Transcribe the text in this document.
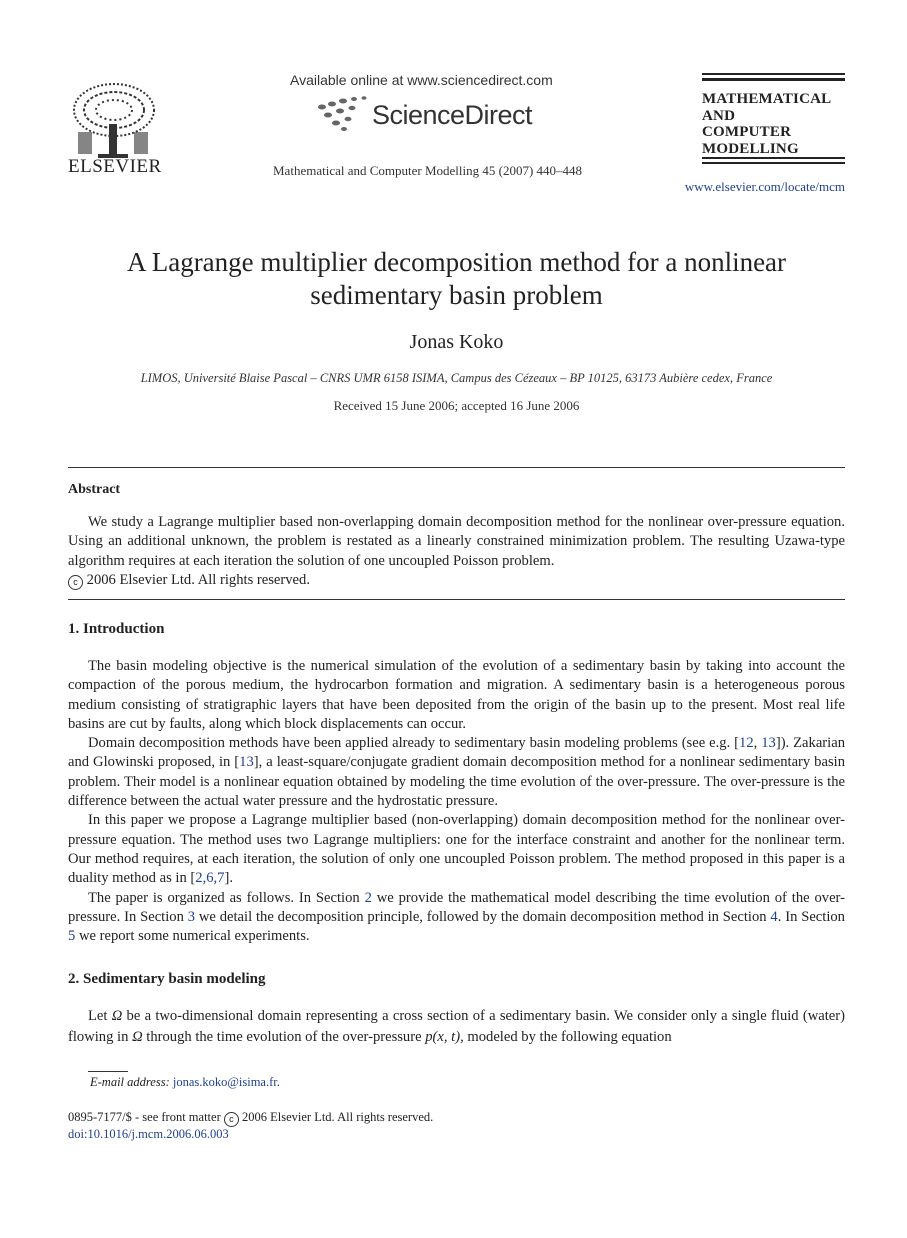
ELSEVIER
Available online at www.sciencedirect.com
ScienceDirect
Mathematical and Computer Modelling 45 (2007) 440–448
MATHEMATICAL
AND
COMPUTER
MODELLING
www.elsevier.com/locate/mcm
A Lagrange multiplier decomposition method for a nonlinear
sedimentary basin problem
Jonas Koko
LIMOS, Université Blaise Pascal – CNRS UMR 6158 ISIMA, Campus des Cézeaux – BP 10125, 63173 Aubière cedex, France
Received 15 June 2006; accepted 16 June 2006
Abstract

We study a Lagrange multiplier based non-overlapping domain decomposition method for the nonlinear over-pressure equation. Using an additional unknown, the problem is restated as a linearly constrained minimization problem. The resulting Uzawa-type algorithm requires at each iteration the solution of one uncoupled Poisson problem.

c 2006 Elsevier Ltd. All rights reserved.
1. Introduction

The basin modeling objective is the numerical simulation of the evolution of a sedimentary basin by taking into account the compaction of the porous medium, the hydrocarbon formation and migration. A sedimentary basin is a heterogeneous porous medium consisting of stratigraphic layers that have been deposited from the origin of the basin up to the present. Most real life basins are cut by faults, along which block displacements can occur.

Domain decomposition methods have been applied already to sedimentary basin modeling problems (see e.g. [12, 13]). Zakarian and Glowinski proposed, in [13], a least-square/conjugate gradient domain decomposition method for a nonlinear sedimentary basin problem. Their model is a nonlinear equation obtained by modeling the time evolution of the over-pressure. The over-pressure is the difference between the actual water pressure and the hydrostatic pressure.

In this paper we propose a Lagrange multiplier based (non-overlapping) domain decomposition method for the nonlinear over-pressure equation. The method uses two Lagrange multipliers: one for the interface constraint and another for the nonlinear term. Our method requires, at each iteration, the solution of only one uncoupled Poisson problem. The method proposed in this paper is a duality method as in [2,6,7].

The paper is organized as follows. In Section 2 we provide the mathematical model describing the time evolution of the over-pressure. In Section 3 we detail the decomposition principle, followed by the domain decomposition method in Section 4. In Section 5 we report some numerical experiments.

2. Sedimentary basin modeling

Let Ω be a two-dimensional domain representing a cross section of a sedimentary basin. We consider only a single fluid (water) flowing in Ω through the time evolution of the over-pressure p(x, t), modeled by the following equation

E-mail address: jonas.koko@isima.fr.
0895-7177/$ - see front matter c 2006 Elsevier Ltd. All rights reserved.
doi:10.1016/j.mcm.2006.06.003
